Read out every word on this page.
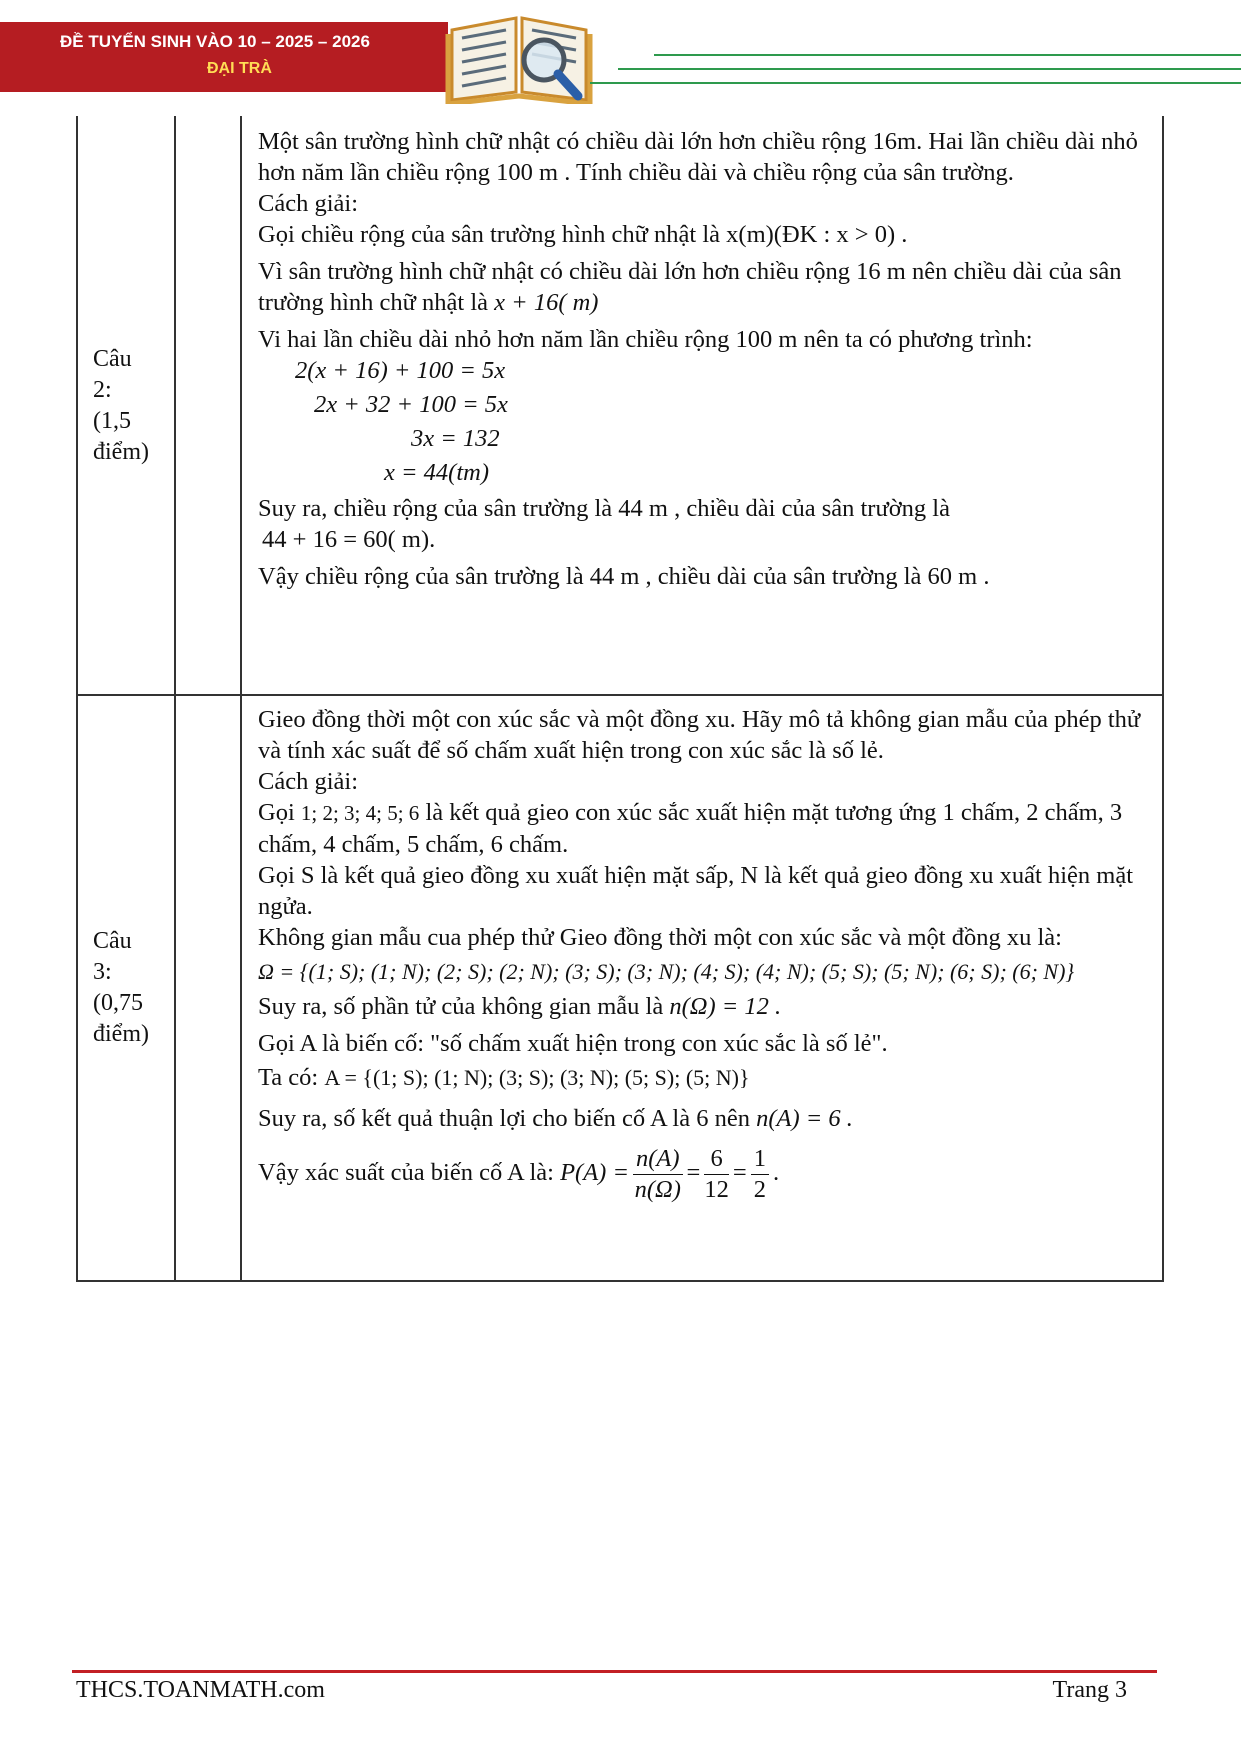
ĐỀ TUYỂN SINH VÀO 10 – 2025 – 2026
ĐẠI TRÀ
Câu
2:
(1,5
điểm)

Một sân trường hình chữ nhật có chiều dài lớn hơn chiều rộng 16m. Hai lần chiều dài nhỏ hơn năm lần chiều rộng 100 m . Tính chiều dài và chiều rộng của sân trường.

Cách giải:

Gọi chiều rộng của sân trường hình chữ nhật là x(m)(ĐK : x > 0) .

Vì sân trường hình chữ nhật có chiều dài lớn hơn chiều rộng 16 m nên chiều dài của sân trường hình chữ nhật là x + 16( m)

Vi hai lần chiều dài nhỏ hơn năm lần chiều rộng 100 m nên ta có phương trình:

2(x + 16) + 100 = 5x
2x + 32 + 100 = 5x
3x = 132
x = 44(tm)

Suy ra, chiều rộng của sân trường là 44 m , chiều dài của sân trường là

44 + 16 = 60( m).

Vậy chiều rộng của sân trường là 44 m , chiều dài của sân trường là 60 m .

Câu
3:
(0,75
điểm)

Gieo đồng thời một con xúc sắc và một đồng xu. Hãy mô tả không gian mẫu của phép thử và tính xác suất để số chấm xuất hiện trong con xúc sắc là số lẻ.

Cách giải:

Gọi 1; 2; 3; 4; 5; 6 là kết quả gieo con xúc sắc xuất hiện mặt tương ứng 1 chấm, 2 chấm, 3 chấm, 4 chấm, 5 chấm, 6 chấm.

Gọi S là kết quả gieo đồng xu xuất hiện mặt sấp, N là kết quả gieo đồng xu xuất hiện mặt ngửa.

Không gian mẫu cua phép thử Gieo đồng thời một con xúc sắc và một đồng xu là:

Ω = {(1; S); (1; N); (2; S); (2; N); (3; S); (3; N); (4; S); (4; N); (5; S); (5; N); (6; S); (6; N)}

Suy ra, số phần tử của không gian mẫu là n(Ω) = 12 .

Gọi A là biến cố: "số chấm xuất hiện trong con xúc sắc là số lẻ".

Ta có: A = {(1; S); (1; N); (3; S); (3; N); (5; S); (5; N)}

Suy ra, số kết quả thuận lợi cho biến cố A là 6 nên n(A) = 6 .

Vậy xác suất của biến cố A là: $P(A) = \frac{n(A)}{n(\Omega)} = \frac{6}{12} = \frac{1}{2}$ .

THCS.TOANMATH.com	Trang 3
